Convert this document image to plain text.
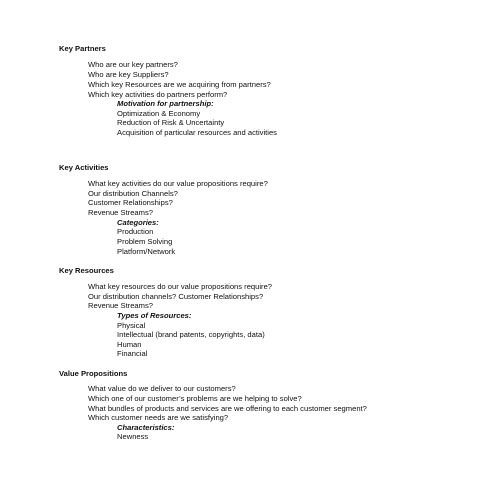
Key Partners
Who are our key partners?
Who are key Suppliers?
Which key Resources are we acquiring from partners?
Which key activities do partners perform?
Motivation for partnership:
Optimization & Economy
Reduction of Risk & Uncertainty
Acquisition of particular resources and activities
Key Activities
What key activities do our value propositions require?
Our distribution Channels?
Customer Relationships?
Revenue Streams?
Categories:
Production
Problem Solving
Platform/Network
Key Resources
What key resources do our value propositions require?
Our distribution channels? Customer Relationships?
Revenue Streams?
Types of Resources:
Physical
Intellectual (brand patents, copyrights, data)
Human
Financial
Value Propositions
What value do we deliver to our customers?
Which one of our customer’s problems are we helping to solve?
What bundles of products and services are we offering to each customer segment?
Which customer needs are we satisfying?
Characteristics:
Newness
